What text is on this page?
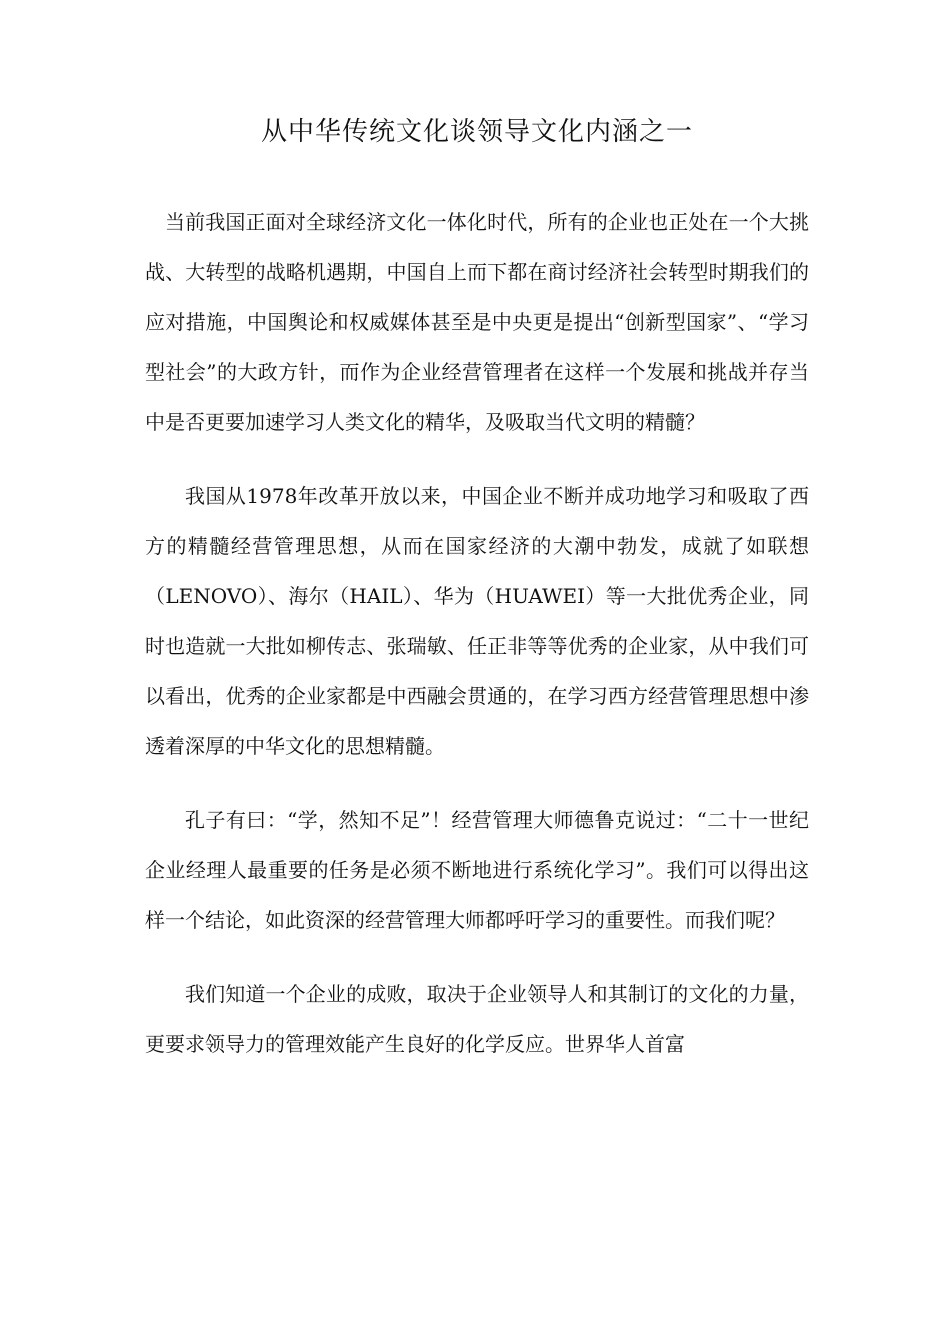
从中华传统文化谈领导文化内涵之一

当前我国正面对全球经济文化一体化时代，所有的企业也正处在一个大挑战、大转型的战略机遇期，中国自上而下都在商讨经济社会转型时期我们的应对措施，中国舆论和权威媒体甚至是中央更是提出“创新型国家”、“学习型社会”的大政方针，而作为企业经营管理者在这样一个发展和挑战并存当中是否更要加速学习人类文化的精华，及吸取当代文明的精髓？

我国从1978年改革开放以来，中国企业不断并成功地学习和吸取了西方的精髓经营管理思想，从而在国家经济的大潮中勃发，成就了如联想（LENOVO）、海尔（HAIL）、华为（HUAWEI）等一大批优秀企业，同时也造就一大批如柳传志、张瑞敏、任正非等等优秀的企业家，从中我们可以看出，优秀的企业家都是中西融会贯通的，在学习西方经营管理思想中渗透着深厚的中华文化的思想精髓。

孔子有曰：“学，然知不足”！经营管理大师德鲁克说过：“二十一世纪企业经理人最重要的任务是必须不断地进行系统化学习”。我们可以得出这样一个结论，如此资深的经营管理大师都呼吁学习的重要性。而我们呢？

我们知道一个企业的成败，取决于企业领导人和其制订的文化的力量，更要求领导力的管理效能产生良好的化学反应。世界华人首富
